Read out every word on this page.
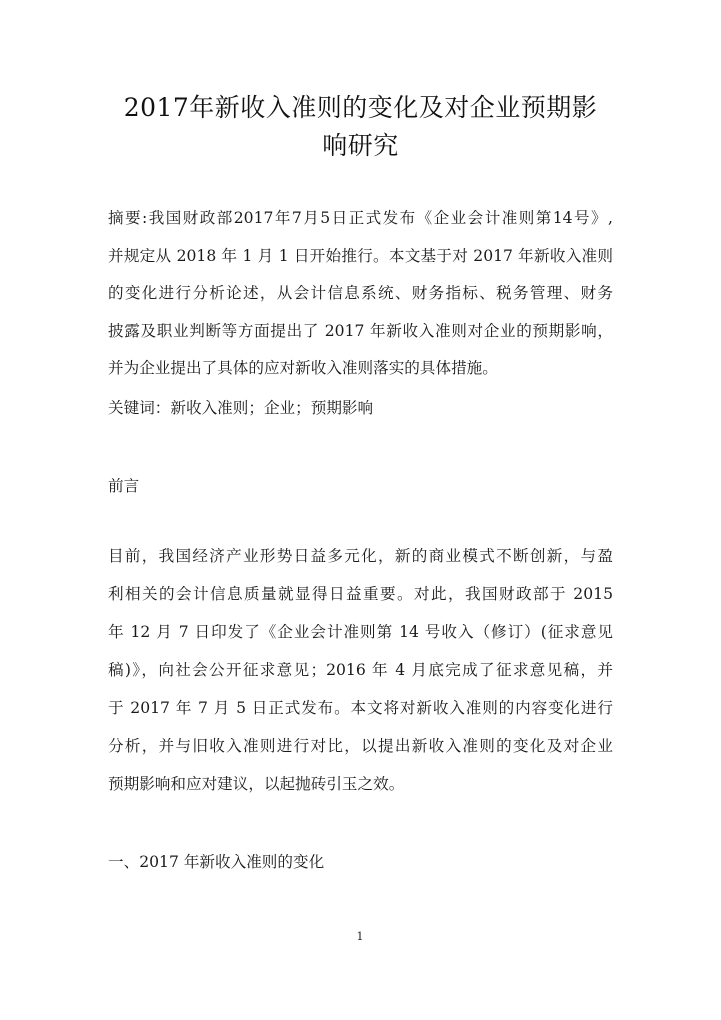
2017年新收入准则的变化及对企业预期影
响研究
摘要:我国财政部2017年7月5日正式发布《企业会计准则第14号》,
并规定从 2018 年 1 月 1 日开始推行。本文基于对 2017 年新收入准则
的变化进行分析论述，从会计信息系统、财务指标、税务管理、财务
披露及职业判断等方面提出了 2017 年新收入准则对企业的预期影响，
并为企业提出了具体的应对新收入准则落实的具体措施。
关键词：新收入准则；企业；预期影响
前言
目前，我国经济产业形势日益多元化，新的商业模式不断创新，与盈
利相关的会计信息质量就显得日益重要。对此，我国财政部于 2015
年 12 月 7 日印发了《企业会计准则第 14 号收入（修订）(征求意见
稿)》，向社会公开征求意见；2016 年 4 月底完成了征求意见稿，并
于 2017 年 7 月 5 日正式发布。本文将对新收入准则的内容变化进行
分析，并与旧收入准则进行对比，以提出新收入准则的变化及对企业
预期影响和应对建议，以起抛砖引玉之效。
一、2017 年新收入准则的变化
1
